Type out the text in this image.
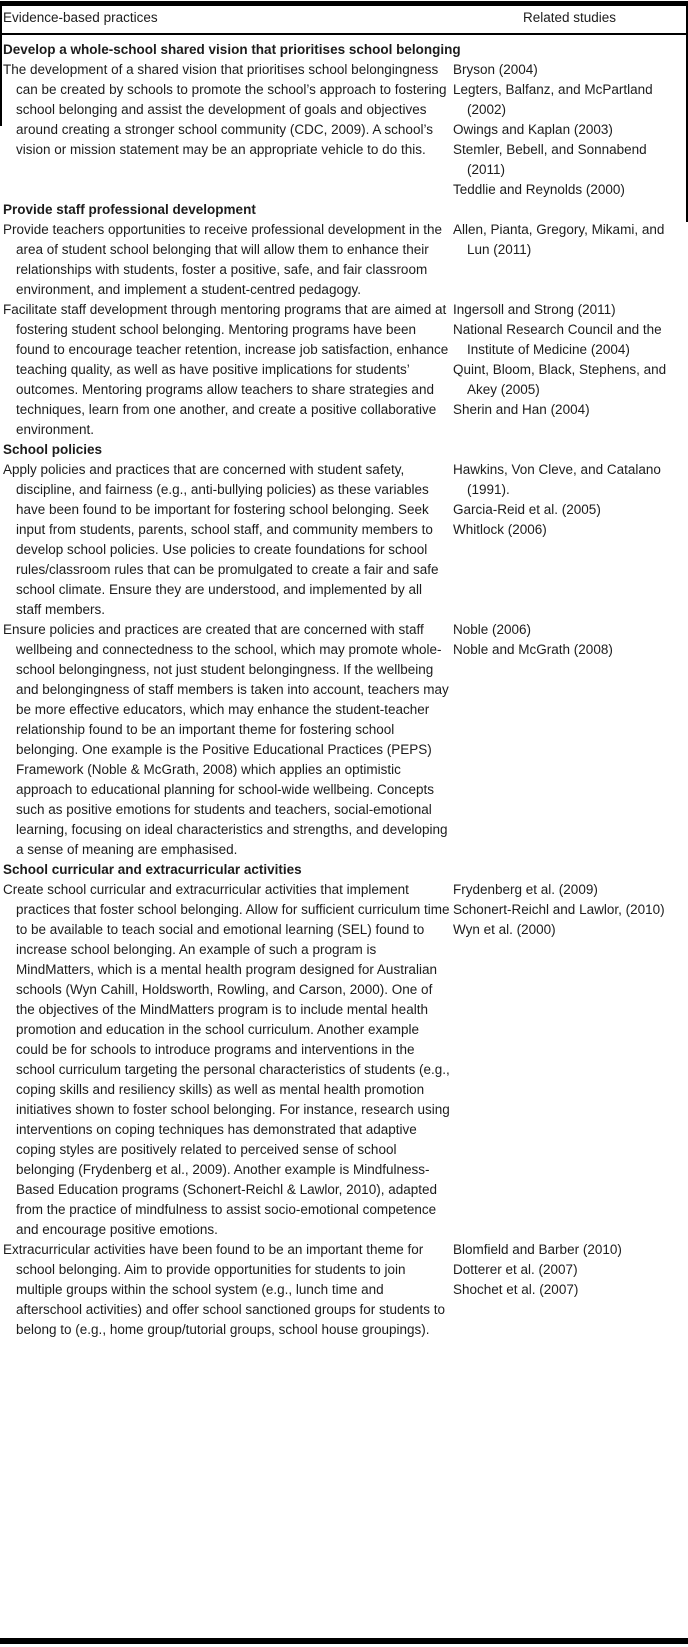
Evidence-based practices	Related studies
Develop a whole-school shared vision that prioritises school belonging
The development of a shared vision that prioritises school belongingness can be created by schools to promote the school’s approach to fostering school belonging and assist the development of goals and objectives around creating a stronger school community (CDC, 2009). A school’s vision or mission statement may be an appropriate vehicle to do this.
Bryson (2004)
Legters, Balfanz, and McPartland (2002)
Owings and Kaplan (2003)
Stemler, Bebell, and Sonnabend (2011)
Teddlie and Reynolds (2000)
Provide staff professional development
Provide teachers opportunities to receive professional development in the area of student school belonging that will allow them to enhance their relationships with students, foster a positive, safe, and fair classroom environment, and implement a student-centred pedagogy.
Allen, Pianta, Gregory, Mikami, and Lun (2011)
Facilitate staff development through mentoring programs that are aimed at fostering student school belonging. Mentoring programs have been found to encourage teacher retention, increase job satisfaction, enhance teaching quality, as well as have positive implications for students’ outcomes. Mentoring programs allow teachers to share strategies and techniques, learn from one another, and create a positive collaborative environment.
Ingersoll and Strong (2011)
National Research Council and the Institute of Medicine (2004)
Quint, Bloom, Black, Stephens, and Akey (2005)
Sherin and Han (2004)
School policies
Apply policies and practices that are concerned with student safety, discipline, and fairness (e.g., anti-bullying policies) as these variables have been found to be important for fostering school belonging. Seek input from students, parents, school staff, and community members to develop school policies. Use policies to create foundations for school rules/classroom rules that can be promulgated to create a fair and safe school climate. Ensure they are understood, and implemented by all staff members.
Hawkins, Von Cleve, and Catalano (1991).
Garcia-Reid et al. (2005)
Whitlock (2006)
Ensure policies and practices are created that are concerned with staff wellbeing and connectedness to the school, which may promote whole-school belongingness, not just student belongingness. If the wellbeing and belongingness of staff members is taken into account, teachers may be more effective educators, which may enhance the student-teacher relationship found to be an important theme for fostering school belonging. One example is the Positive Educational Practices (PEPS) Framework (Noble & McGrath, 2008) which applies an optimistic approach to educational planning for school-wide wellbeing. Concepts such as positive emotions for students and teachers, social-emotional learning, focusing on ideal characteristics and strengths, and developing a sense of meaning are emphasised.
Noble (2006)
Noble and McGrath (2008)
School curricular and extracurricular activities
Create school curricular and extracurricular activities that implement practices that foster school belonging. Allow for sufficient curriculum time to be available to teach social and emotional learning (SEL) found to increase school belonging. An example of such a program is MindMatters, which is a mental health program designed for Australian schools (Wyn Cahill, Holdsworth, Rowling, and Carson, 2000). One of the objectives of the MindMatters program is to include mental health promotion and education in the school curriculum. Another example could be for schools to introduce programs and interventions in the school curriculum targeting the personal characteristics of students (e.g., coping skills and resiliency skills) as well as mental health promotion initiatives shown to foster school belonging. For instance, research using interventions on coping techniques has demonstrated that adaptive coping styles are positively related to perceived sense of school belonging (Frydenberg et al., 2009). Another example is Mindfulness-Based Education programs (Schonert-Reichl & Lawlor, 2010), adapted from the practice of mindfulness to assist socio-emotional competence and encourage positive emotions.
Frydenberg et al. (2009)
Schonert-Reichl and Lawlor, (2010)
Wyn et al. (2000)
Extracurricular activities have been found to be an important theme for school belonging. Aim to provide opportunities for students to join multiple groups within the school system (e.g., lunch time and afterschool activities) and offer school sanctioned groups for students to belong to (e.g., home group/tutorial groups, school house groupings).
Blomfield and Barber (2010)
Dotterer et al. (2007)
Shochet et al. (2007)
